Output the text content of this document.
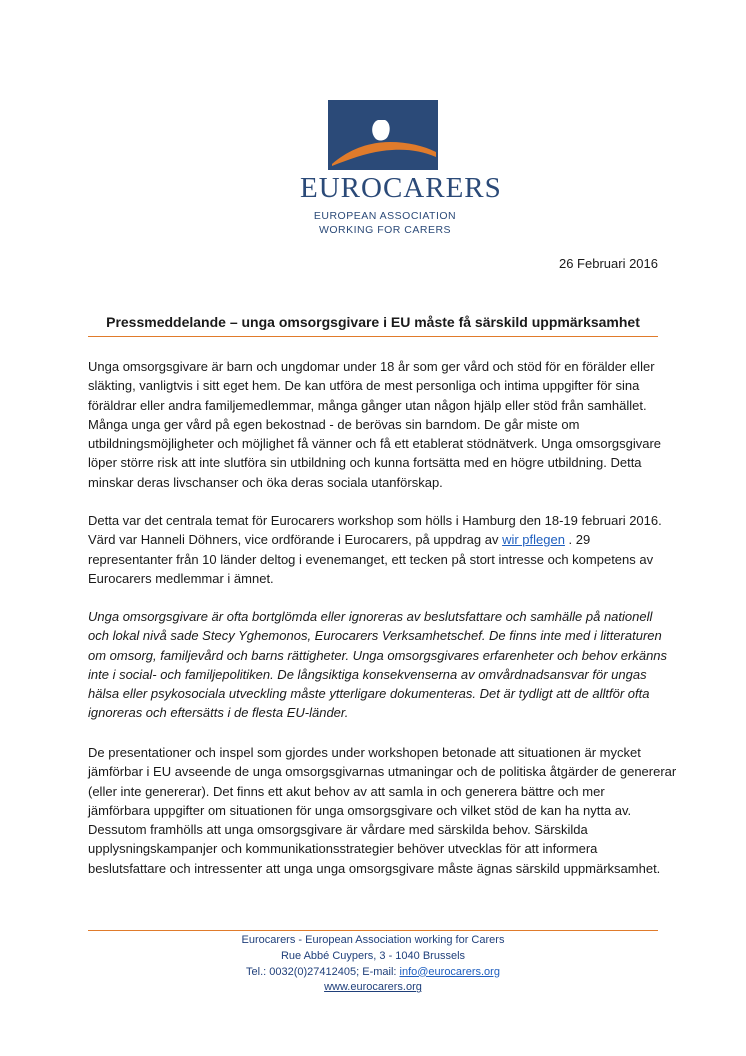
EUROCARERS
EUROPEAN ASSOCIATION
WORKING FOR CARERS
26 Februari 2016
Pressmeddelande – unga omsorgsgivare i EU måste få särskild uppmärksamhet
Unga omsorgsgivare är barn och ungdomar under 18 år som ger vård och stöd för en förälder eller
släkting, vanligtvis i sitt eget hem. De kan utföra de mest personliga och intima uppgifter för sina
föräldrar eller andra familjemedlemmar, många gånger utan någon hjälp eller stöd från samhället.
Många unga ger vård på egen bekostnad - de berövas sin barndom. De går miste om
utbildningsmöjligheter och möjlighet få vänner och få ett etablerat stödnätverk. Unga omsorgsgivare
löper större risk att inte slutföra sin utbildning och kunna fortsätta med en högre utbildning. Detta
minskar deras livschanser och öka deras sociala utanförskap.
Detta var det centrala temat för Eurocarers workshop som hölls i Hamburg den 18-19 februari 2016.
Värd var Hanneli Döhners, vice ordförande i Eurocarers, på uppdrag av wir pflegen . 29
representanter från 10 länder deltog i evenemanget, ett tecken på stort intresse och kompetens av
Eurocarers medlemmar i ämnet.
Unga omsorgsgivare är ofta bortglömda eller ignoreras av beslutsfattare och samhälle på nationell
och lokal nivå sade Stecy Yghemonos, Eurocarers Verksamhetschef. De finns inte med i litteraturen
om omsorg, familjevård och barns rättigheter. Unga omsorgsgivares erfarenheter och behov erkänns
inte i social- och familjepolitiken. De långsiktiga konsekvenserna av omvårdnadsansvar för ungas
hälsa eller psykosociala utveckling måste ytterligare dokumenteras. Det är tydligt att de alltför ofta
ignoreras och eftersätts i de flesta EU-länder.
De presentationer och inspel som gjordes under workshopen betonade att situationen är mycket
jämförbar i EU avseende de unga omsorgsgivarnas utmaningar och de politiska åtgärder de genererar
(eller inte genererar). Det finns ett akut behov av att samla in och generera bättre och mer
jämförbara uppgifter om situationen för unga omsorgsgivare och vilket stöd de kan ha nytta av.
Dessutom framhölls att unga omsorgsgivare är vårdare med särskilda behov. Särskilda
upplysningskampanjer och kommunikationsstrategier behöver utvecklas för att informera
beslutsfattare och intressenter att unga unga omsorgsgivare måste ägnas särskild uppmärksamhet.
Eurocarers - European Association working for Carers
Rue Abbé Cuypers, 3 - 1040 Brussels
Tel.: 0032(0)27412405; E-mail: info@eurocarers.org
www.eurocarers.org
